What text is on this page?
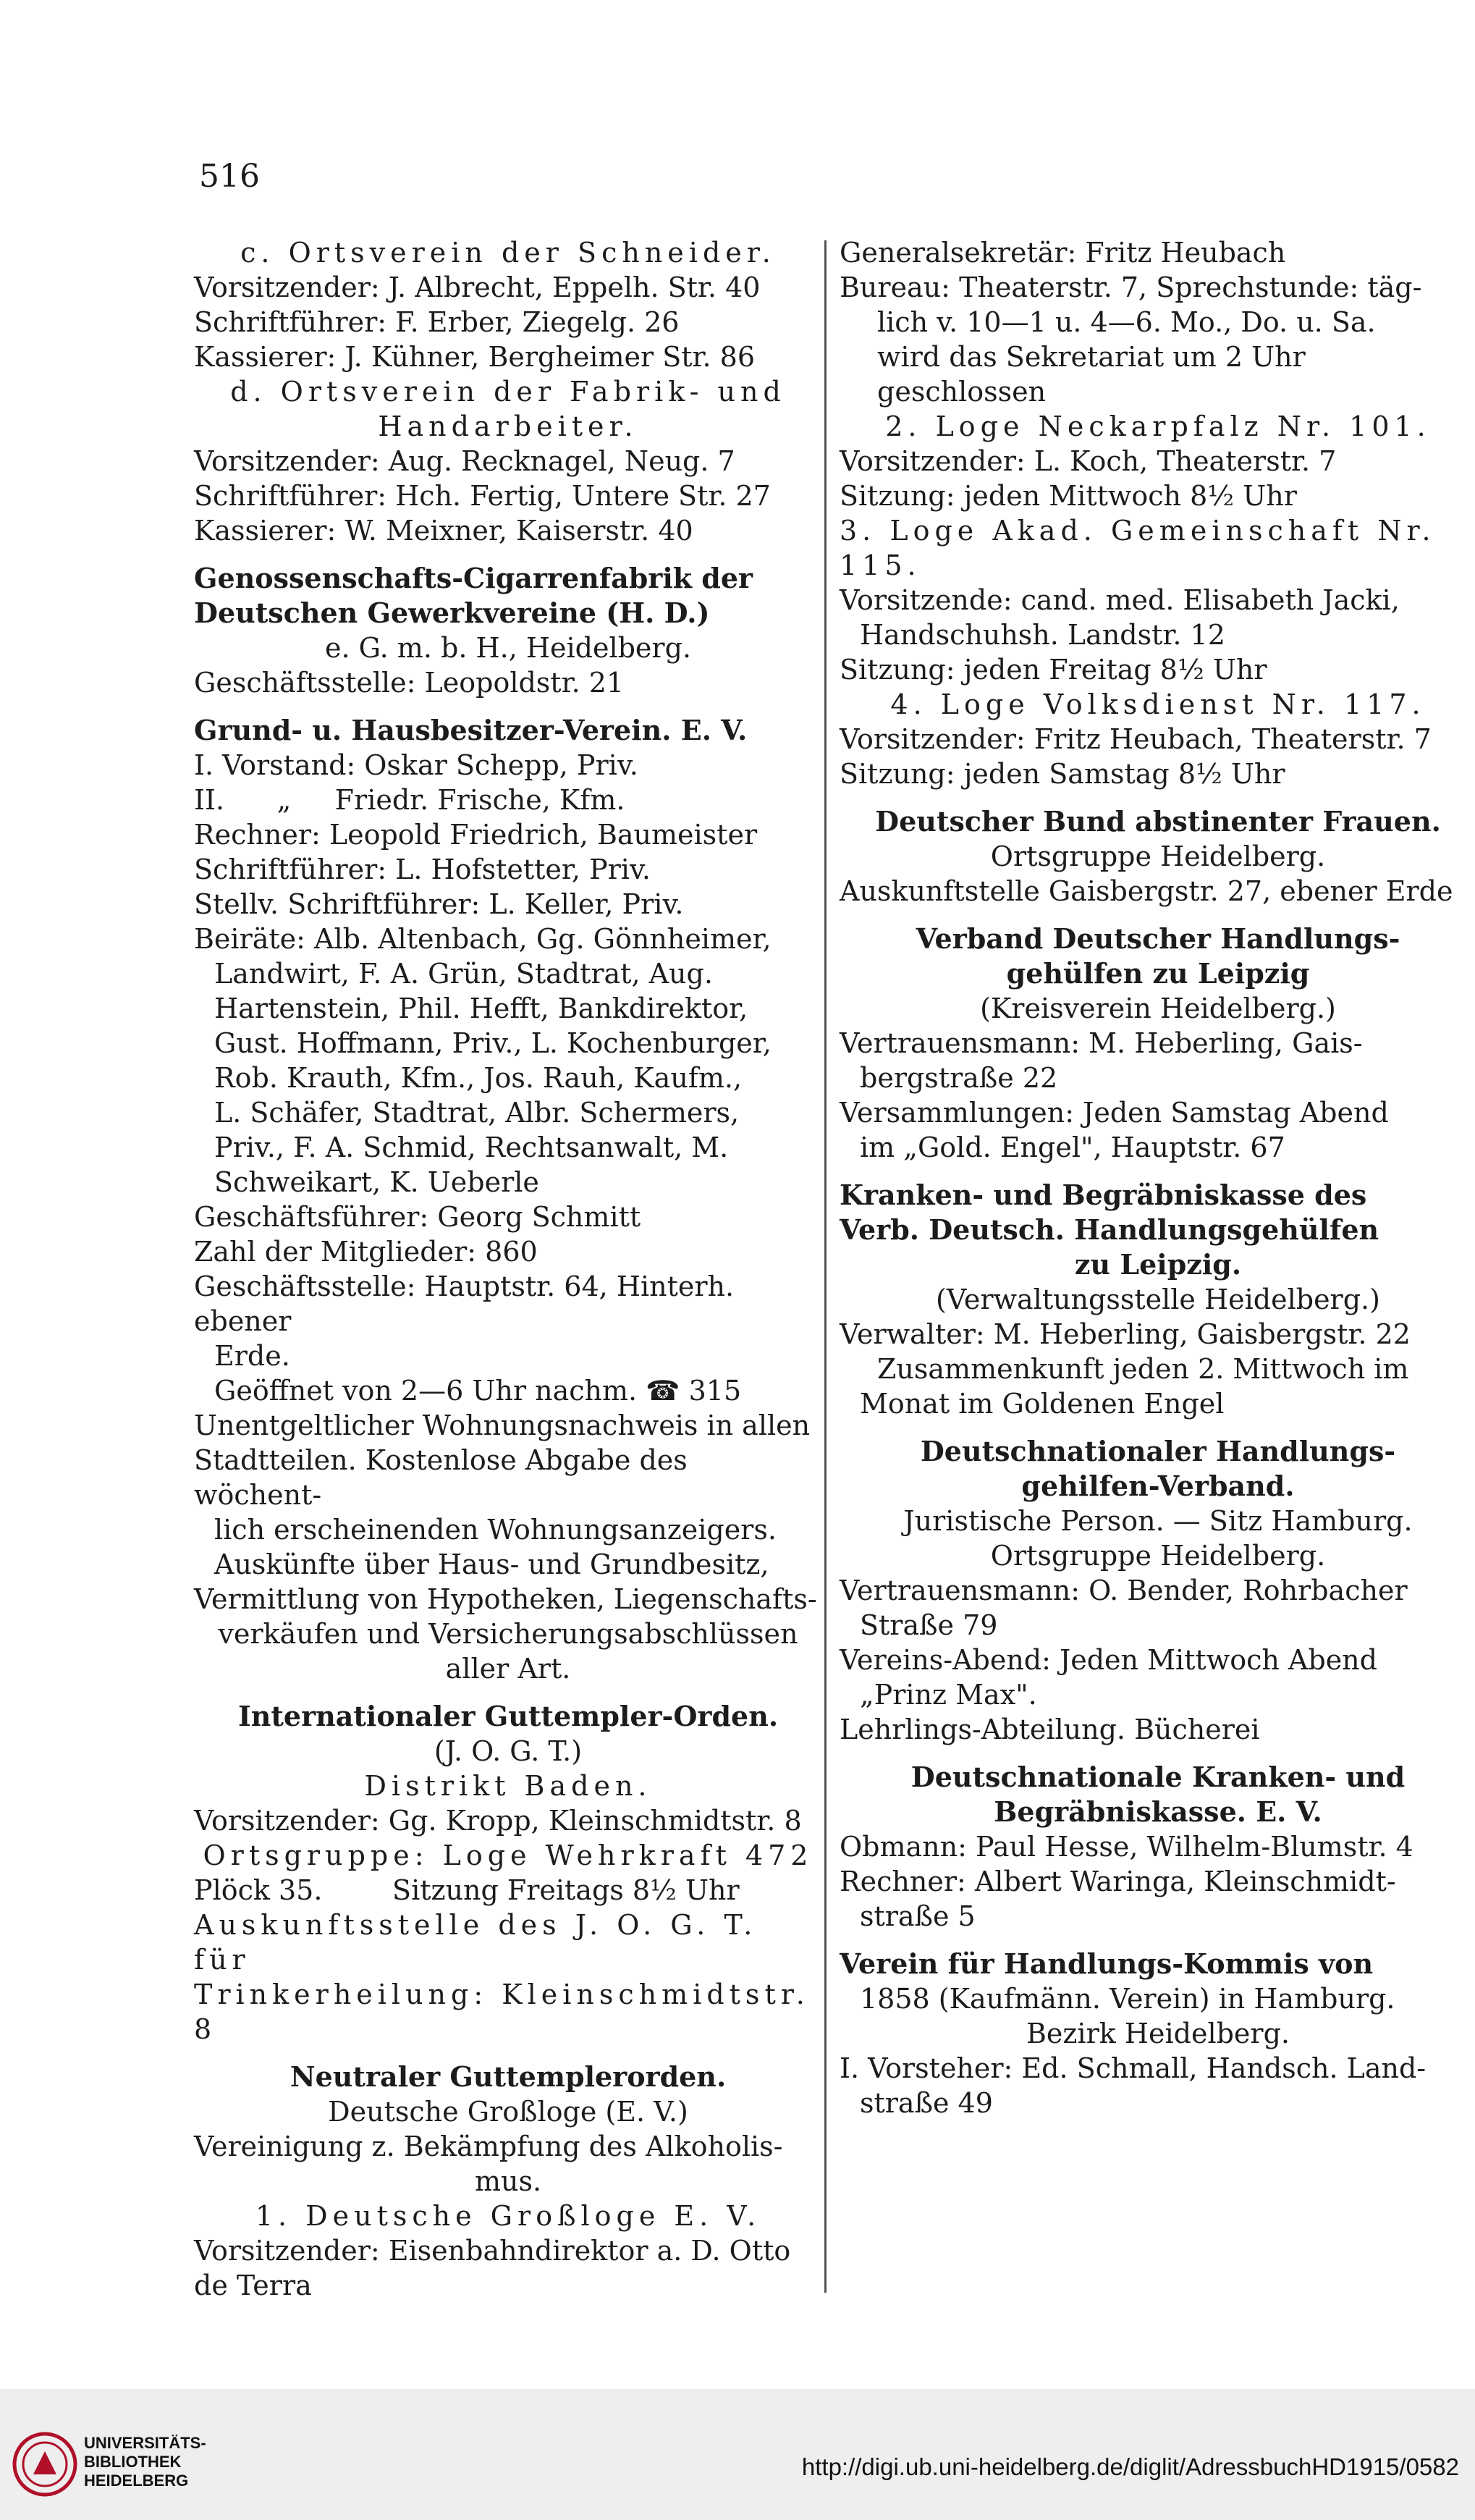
516
c. Ortsverein der Schneider.
Vorsitzender: J. Albrecht, Eppelh. Str. 40
Schriftführer: F. Erber, Ziegelg. 26
Kassierer: J. Kühner, Bergheimer Str. 86
d. Ortsverein der Fabrik- und
Handarbeiter.
Vorsitzender: Aug. Recknagel, Neug. 7
Schriftführer: Hch. Fertig, Untere Str. 27
Kassierer: W. Meixner, Kaiserstr. 40
Genossenschafts-Cigarrenfabrik der
Deutschen Gewerkvereine (H. D.)
e. G. m. b. H., Heidelberg.
Geschäftsstelle: Leopoldstr. 21
Grund- u. Hausbesitzer-Verein. E. V.
I. Vorstand: Oskar Schepp, Priv.
II.      „     Friedr. Frische, Kfm.
Rechner: Leopold Friedrich, Baumeister
Schriftführer: L. Hofstetter, Priv.
Stellv. Schriftführer: L. Keller, Priv.
Beiräte: Alb. Altenbach, Gg. Gönnheimer,
Landwirt, F. A. Grün, Stadtrat, Aug.
Hartenstein, Phil. Hefft, Bankdirektor,
Gust. Hoffmann, Priv., L. Kochenburger,
Rob. Krauth, Kfm., Jos. Rauh, Kaufm.,
L. Schäfer, Stadtrat, Albr. Schermers,
Priv., F. A. Schmid, Rechtsanwalt, M.
Schweikart, K. Ueberle
Geschäftsführer: Georg Schmitt
Zahl der Mitglieder: 860
Geschäftsstelle: Hauptstr. 64, Hinterh. ebener
Erde.
Geöffnet von 2—6 Uhr nachm. ☎ 315
Unentgeltlicher Wohnungsnachweis in allen
Stadtteilen. Kostenlose Abgabe des wöchent-
lich erscheinenden Wohnungsanzeigers.
Auskünfte über Haus- und Grundbesitz,
Vermittlung von Hypotheken, Liegenschafts-
verkäufen und Versicherungsabschlüssen
aller Art.
Internationaler Guttempler-Orden.
(J. O. G. T.)
Distrikt Baden.
Vorsitzender: Gg. Kropp, Kleinschmidtstr. 8
Ortsgruppe: Loge Wehrkraft 472
Plöck 35.        Sitzung Freitags 8½ Uhr
Auskunftsstelle des J. O. G. T. für
Trinkerheilung: Kleinschmidtstr. 8
Neutraler Guttemplerorden.
Deutsche Großloge (E. V.)
Vereinigung z. Bekämpfung des Alkoholis-
mus.
1. Deutsche Großloge E. V.
Vorsitzender: Eisenbahndirektor a. D. Otto
de Terra
Generalsekretär: Fritz Heubach
Bureau: Theaterstr. 7, Sprechstunde: täg-
lich v. 10—1 u. 4—6. Mo., Do. u. Sa.
wird das Sekretariat um 2 Uhr geschlossen
2. Loge Neckarpfalz Nr. 101.
Vorsitzender: L. Koch, Theaterstr. 7
Sitzung: jeden Mittwoch 8½ Uhr
3. Loge Akad. Gemeinschaft Nr. 115.
Vorsitzende: cand. med. Elisabeth Jacki,
Handschuhsh. Landstr. 12
Sitzung: jeden Freitag 8½ Uhr
4. Loge Volksdienst Nr. 117.
Vorsitzender: Fritz Heubach, Theaterstr. 7
Sitzung: jeden Samstag 8½ Uhr
Deutscher Bund abstinenter Frauen.
Ortsgruppe Heidelberg.
Auskunftstelle Gaisbergstr. 27, ebener Erde
Verband Deutscher Handlungs-
gehülfen zu Leipzig
(Kreisverein Heidelberg.)
Vertrauensmann: M. Heberling, Gais-
bergstraße 22
Versammlungen: Jeden Samstag Abend
im „Gold. Engel", Hauptstr. 67
Kranken- und Begräbniskasse des
Verb. Deutsch. Handlungsgehülfen
zu Leipzig.
(Verwaltungsstelle Heidelberg.)
Verwalter: M. Heberling, Gaisbergstr. 22
Zusammenkunft jeden 2. Mittwoch im
Monat im Goldenen Engel
Deutschnationaler Handlungs-
gehilfen-Verband.
Juristische Person. — Sitz Hamburg.
Ortsgruppe Heidelberg.
Vertrauensmann: O. Bender, Rohrbacher
Straße 79
Vereins-Abend: Jeden Mittwoch Abend
„Prinz Max".
Lehrlings-Abteilung. Bücherei
Deutschnationale Kranken- und
Begräbniskasse. E. V.
Obmann: Paul Hesse, Wilhelm-Blumstr. 4
Rechner: Albert Waringa, Kleinschmidt-
straße 5
Verein für Handlungs-Kommis von
1858 (Kaufmänn. Verein) in Hamburg.
Bezirk Heidelberg.
I. Vorsteher: Ed. Schmall, Handsch. Land-
straße 49
UNIVERSITÄTS-
BIBLIOTHEK
HEIDELBERG
http://digi.ub.uni-heidelberg.de/diglit/AdressbuchHD1915/0582
